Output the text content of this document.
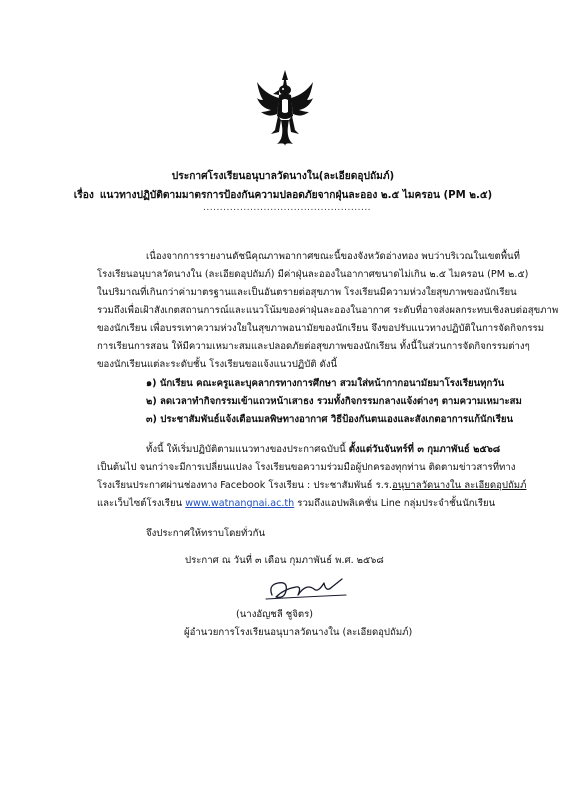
ประกาศโรงเรียนอนุบาลวัดนางใน(ละเอียดอุปถัมภ์)
เรื่อง แนวทางปฏิบัติตามมาตรการป้องกันความปลอดภัยจากฝุ่นละออง ๒.๕ ไมครอน (PM ๒.๕)
..................................................
เนื่องจากการรายงานดัชนีคุณภาพอากาศขณะนี้ของจังหวัดอ่างทอง พบว่าบริเวณในเขตพื้นที่
โรงเรียนอนุบาลวัดนางใน (ละเอียดอุปถัมภ์) มีค่าฝุ่นละอองในอากาศขนาดไม่เกิน ๒.๕ ไมครอน (PM ๒.๕)
ในปริมาณที่เกินกว่าค่ามาตรฐานและเป็นอันตรายต่อสุขภาพ โรงเรียนมีความห่วงใยสุขภาพของนักเรียน
รวมถึงเพื่อเฝ้าสังเกตสถานการณ์และแนวโน้มของค่าฝุ่นละอองในอากาศ ระดับที่อาจส่งผลกระทบเชิงลบต่อสุขภาพ
ของนักเรียน เพื่อบรรเทาความห่วงใยในสุขภาพอนามัยของนักเรียน จึงขอปรับแนวทางปฏิบัติในการจัดกิจกรรม
การเรียนการสอน ให้มีความเหมาะสมและปลอดภัยต่อสุขภาพของนักเรียน ทั้งนี้ในส่วนการจัดกิจกรรมต่างๆ
ของนักเรียนแต่ละระดับชั้น โรงเรียนขอแจ้งแนวปฏิบัติ ดังนี้
๑) นักเรียน คณะครูและบุคลากรทางการศึกษา สวมใส่หน้ากากอนามัยมาโรงเรียนทุกวัน
๒) ลดเวลาทำกิจกรรมเข้าแถวหน้าเสาธง รวมทั้งกิจกรรมกลางแจ้งต่างๆ ตามความเหมาะสม
๓) ประชาสัมพันธ์แจ้งเตือนมลพิษทางอากาศ วิธีป้องกันตนเองและสังเกตอาการแก้นักเรียน
ทั้งนี้ ให้เริ่มปฏิบัติตามแนวทางของประกาศฉบับนี้ ตั้งแต่วันจันทร์ที่ ๓ กุมภาพันธ์ ๒๕๖๘
เป็นต้นไป จนกว่าจะมีการเปลี่ยนแปลง โรงเรียนขอความร่วมมือผู้ปกครองทุกท่าน ติดตามข่าวสารที่ทาง
โรงเรียนประกาศผ่านช่องทาง Facebook โรงเรียน : ประชาสัมพันธ์ ร.ร.อนุบาลวัดนางใน ละเอียดอุปถัมภ์
และเว็บไซต์โรงเรียน www.watnangnai.ac.th รวมถึงแอปพลิเคชั่น Line กลุ่มประจำชั้นนักเรียน
จึงประกาศให้ทราบโดยทั่วกัน
ประกาศ ณ วันที่ ๓ เดือน กุมภาพันธ์ พ.ศ. ๒๕๖๘
(นางอัญชลี ชูจิตร)
ผู้อำนวยการโรงเรียนอนุบาลวัดนางใน (ละเอียดอุปถัมภ์)
